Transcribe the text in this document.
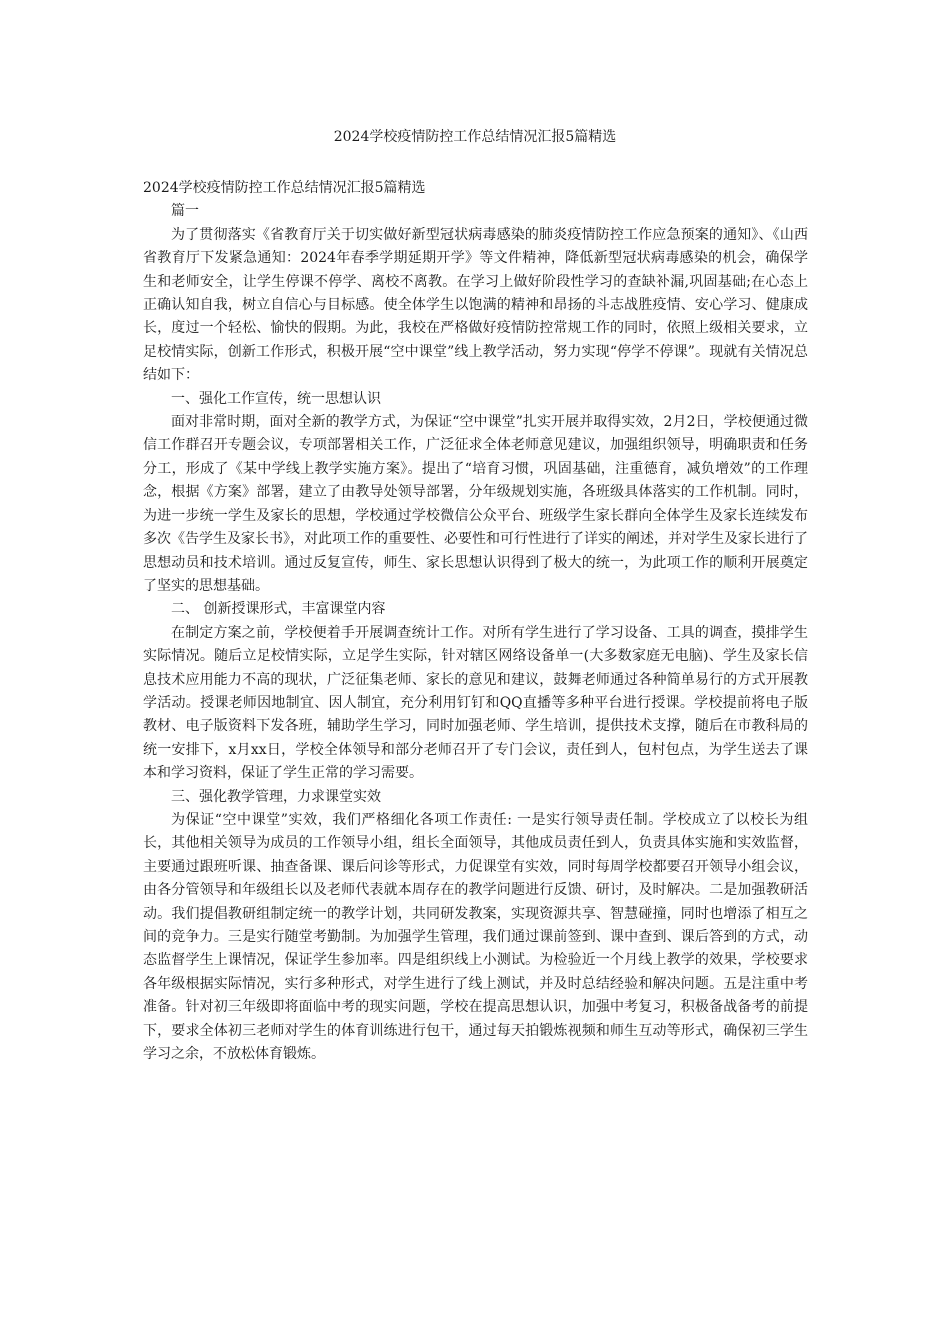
2024学校疫情防控工作总结情况汇报5篇精选

2024学校疫情防控工作总结情况汇报5篇精选

篇一

为了贯彻落实《省教育厅关于切实做好新型冠状病毒感染的肺炎疫情防控工作应急预案的通知》、《山西省教育厅下发紧急通知：2024年春季学期延期开学》等文件精神，降低新型冠状病毒感染的机会，确保学生和老师安全，让学生停课不停学、离校不离教。在学习上做好阶段性学习的查缺补漏,巩固基础;在心态上正确认知自我，树立自信心与目标感。使全体学生以饱满的精神和昂扬的斗志战胜疫情、安心学习、健康成长，度过一个轻松、愉快的假期。为此，我校在严格做好疫情防控常规工作的同时，依照上级相关要求，立足校情实际，创新工作形式，积极开展“空中课堂”线上教学活动，努力实现“停学不停课”。现就有关情况总结如下：

一、强化工作宣传，统一思想认识

面对非常时期，面对全新的教学方式，为保证“空中课堂”扎实开展并取得实效，2月2日，学校便通过微信工作群召开专题会议，专项部署相关工作，广泛征求全体老师意见建议，加强组织领导，明确职责和任务分工，形成了《某中学线上教学实施方案》。提出了“培育习惯，巩固基础，注重德育，减负增效”的工作理念，根据《方案》部署，建立了由教导处领导部署，分年级规划实施，各班级具体落实的工作机制。同时，为进一步统一学生及家长的思想，学校通过学校微信公众平台、班级学生家长群向全体学生及家长连续发布多次《告学生及家长书》，对此项工作的重要性、必要性和可行性进行了详实的阐述，并对学生及家长进行了思想动员和技术培训。通过反复宣传，师生、家长思想认识得到了极大的统一，为此项工作的顺利开展奠定了坚实的思想基础。

二、 创新授课形式，丰富课堂内容

在制定方案之前，学校便着手开展调查统计工作。对所有学生进行了学习设备、工具的调查，摸排学生实际情况。随后立足校情实际，立足学生实际，针对辖区网络设备单一(大多数家庭无电脑)、学生及家长信息技术应用能力不高的现状，广泛征集老师、家长的意见和建议，鼓舞老师通过各种简单易行的方式开展教学活动。授课老师因地制宜、因人制宜，充分利用钉钉和QQ直播等多种平台进行授课。学校提前将电子版教材、电子版资料下发各班，辅助学生学习，同时加强老师、学生培训，提供技术支撑，随后在市教科局的统一安排下，x月xx日，学校全体领导和部分老师召开了专门会议，责任到人，包村包点，为学生送去了课本和学习资料，保证了学生正常的学习需要。

三、强化教学管理，力求课堂实效

为保证“空中课堂”实效，我们严格细化各项工作责任: 一是实行领导责任制。学校成立了以校长为组长，其他相关领导为成员的工作领导小组，组长全面领导，其他成员责任到人，负责具体实施和实效监督，主要通过跟班听课、抽查备课、课后问诊等形式，力促课堂有实效，同时每周学校都要召开领导小组会议，由各分管领导和年级组长以及老师代表就本周存在的教学问题进行反馈、研讨，及时解决。二是加强教研活动。我们提倡教研组制定统一的教学计划，共同研发教案，实现资源共享、智慧碰撞，同时也增添了相互之间的竞争力。三是实行随堂考勤制。为加强学生管理，我们通过课前签到、课中查到、课后答到的方式，动态监督学生上课情况，保证学生参加率。四是组织线上小测试。为检验近一个月线上教学的效果，学校要求各年级根据实际情况，实行多种形式，对学生进行了线上测试，并及时总结经验和解决问题。五是注重中考准备。针对初三年级即将面临中考的现实问题，学校在提高思想认识，加强中考复习，积极备战备考的前提下，要求全体初三老师对学生的体育训练进行包干，通过每天拍锻炼视频和师生互动等形式，确保初三学生学习之余，不放松体育锻炼。
